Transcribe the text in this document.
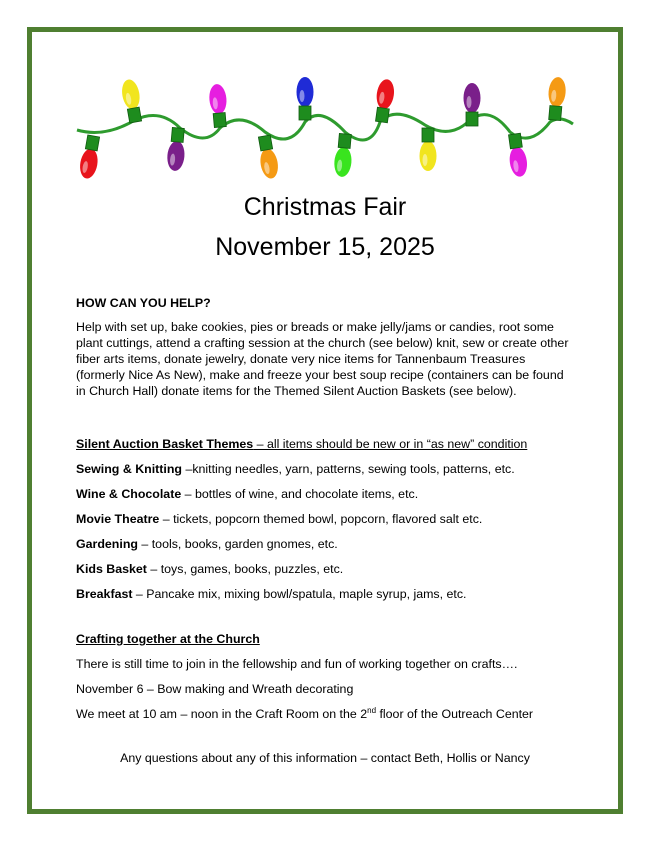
Christmas Fair
November 15, 2025

HOW CAN YOU HELP?

Help with set up, bake cookies, pies or breads or make jelly/jams or candies, root some plant cuttings, attend a crafting session at the church (see below) knit, sew or create other fiber arts items, donate jewelry, donate very nice items for Tannenbaum Treasures (formerly Nice As New), make and freeze your best soup recipe (containers can be found in Church Hall) donate items for the Themed Silent Auction Baskets (see below).

Silent Auction Basket Themes – all items should be new or in “as new” condition

Sewing & Knitting –knitting needles, yarn, patterns, sewing tools, patterns, etc.

Wine & Chocolate – bottles of wine, and chocolate items, etc.

Movie Theatre – tickets, popcorn themed bowl, popcorn, flavored salt etc.

Gardening – tools, books, garden gnomes, etc.

Kids Basket – toys, games, books, puzzles, etc.

Breakfast – Pancake mix, mixing bowl/spatula, maple syrup, jams, etc.

Crafting together at the Church

There is still time to join in the fellowship and fun of working together on crafts….

November 6 – Bow making and Wreath decorating

We meet at 10 am – noon in the Craft Room on the 2nd floor of the Outreach Center

Any questions about any of this information – contact Beth, Hollis or Nancy
